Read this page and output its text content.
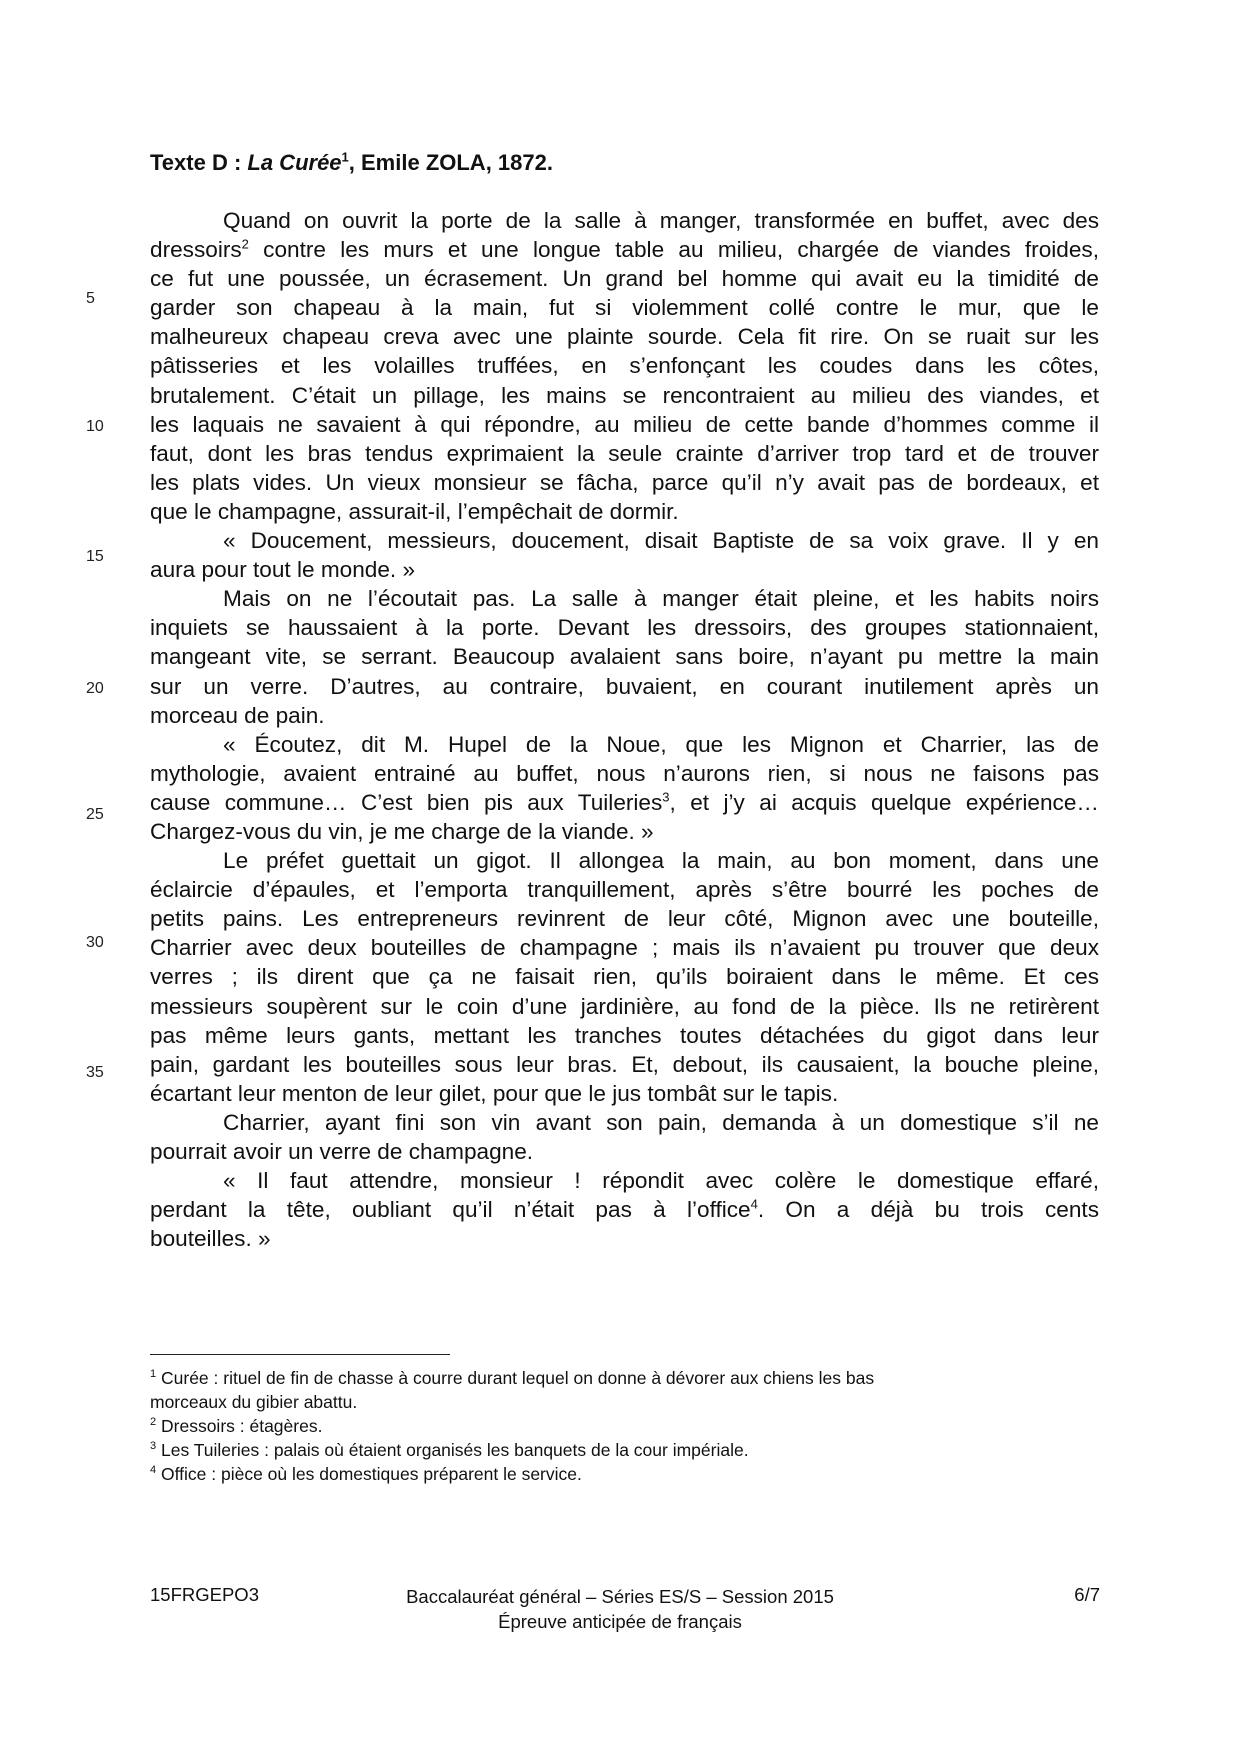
Texte D : La Curée$^1$, Emile ZOLA, 1872.
5
10
15
20
25
30
35
Quand on ouvrit la porte de la salle à manger, transformée en buffet, avec des
dressoirs$^2$ contre les murs et une longue table au milieu, chargée de viandes froides,
ce fut une poussée, un écrasement. Un grand bel homme qui avait eu la timidité de
garder son chapeau à la main, fut si violemment collé contre le mur, que le
malheureux chapeau creva avec une plainte sourde. Cela fit rire. On se ruait sur les
pâtisseries et les volailles truffées, en s’enfonçant les coudes dans les côtes,
brutalement. C’était un pillage, les mains se rencontraient au milieu des viandes, et
les laquais ne savaient à qui répondre, au milieu de cette bande d’hommes comme il
faut, dont les bras tendus exprimaient la seule crainte d’arriver trop tard et de trouver
les plats vides. Un vieux monsieur se fâcha, parce qu’il n’y avait pas de bordeaux, et
que le champagne, assurait-il, l’empêchait de dormir.
« Doucement, messieurs, doucement, disait Baptiste de sa voix grave. Il y en
aura pour tout le monde. »
Mais on ne l’écoutait pas. La salle à manger était pleine, et les habits noirs
inquiets se haussaient à la porte. Devant les dressoirs, des groupes stationnaient,
mangeant vite, se serrant. Beaucoup avalaient sans boire, n’ayant pu mettre la main
sur un verre. D’autres, au contraire, buvaient, en courant inutilement après un
morceau de pain.
« Écoutez, dit M. Hupel de la Noue, que les Mignon et Charrier, las de
mythologie, avaient entrainé au buffet, nous n’aurons rien, si nous ne faisons pas
cause commune… C’est bien pis aux Tuileries$^3$, et j’y ai acquis quelque expérience…
Chargez-vous du vin, je me charge de la viande. »
Le préfet guettait un gigot. Il allongea la main, au bon moment, dans une
éclaircie d’épaules, et l’emporta tranquillement, après s’être bourré les poches de
petits pains. Les entrepreneurs revinrent de leur côté, Mignon avec une bouteille,
Charrier avec deux bouteilles de champagne ; mais ils n’avaient pu trouver que deux
verres ; ils dirent que ça ne faisait rien, qu’ils boiraient dans le même. Et ces
messieurs soupèrent sur le coin d’une jardinière, au fond de la pièce. Ils ne retirèrent
pas même leurs gants, mettant les tranches toutes détachées du gigot dans leur
pain, gardant les bouteilles sous leur bras. Et, debout, ils causaient, la bouche pleine,
écartant leur menton de leur gilet, pour que le jus tombât sur le tapis.
Charrier, ayant fini son vin avant son pain, demanda à un domestique s’il ne
pourrait avoir un verre de champagne.
« Il faut attendre, monsieur ! répondit avec colère le domestique effaré,
perdant la tête, oubliant qu’il n’était pas à l’office$^4$. On a déjà bu trois cents
bouteilles. »
$^1$ Curée : rituel de fin de chasse à courre durant lequel on donne à dévorer aux chiens les bas
morceaux du gibier abattu.
$^2$ Dressoirs : étagères.
$^3$ Les Tuileries : palais où étaient organisés les banquets de la cour impériale.
$^4$ Office : pièce où les domestiques préparent le service.
15FRGEPO3	Baccalauréat général – Séries ES/S – Session 2015
Épreuve anticipée de français
6/7
